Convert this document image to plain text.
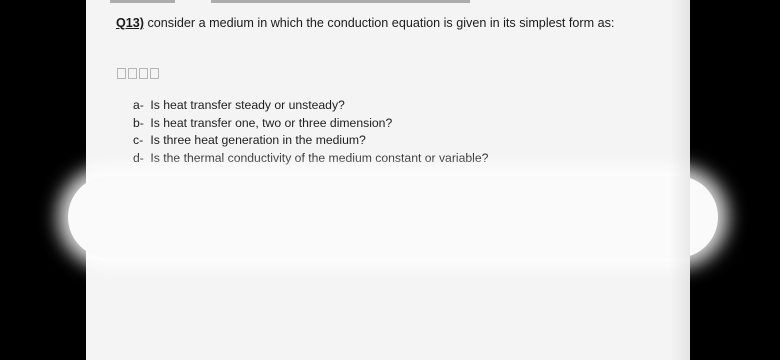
Q13) consider a medium in which the conduction equation is given in its simplest form as:
a- Is heat transfer steady or unsteady?
b- Is heat transfer one, two or three dimension?
c- Is three heat generation in the medium?
d- Is the thermal conductivity of the medium constant or variable?
